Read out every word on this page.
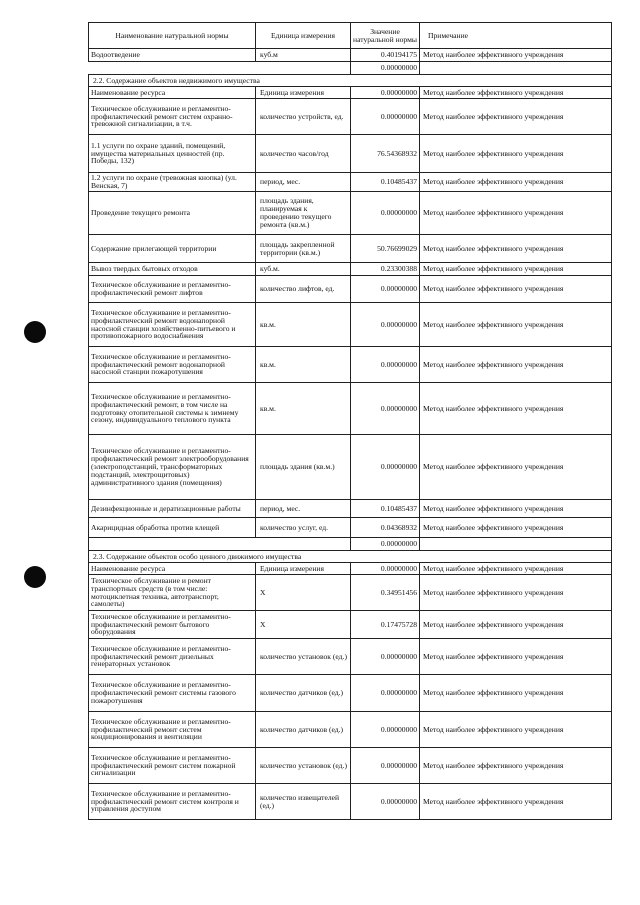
Наименование натуральной нормы	Единица измерения	Значение натуральной нормы	Примечание
Водоотведение	куб.м	0.40194175	Метод наиболее эффективного учреждения
		0.00000000	
2.2. Содержание объектов недвижимого имущества			
Наименование ресурса	Единица измерения	0.00000000	Метод наиболее эффективного учреждения
Техническое обслуживание и регламентно-профилактический ремонт систем охранно-тревожной сигнализации, в т.ч.	количество устройств, ед.	0.00000000	Метод наиболее эффективного учреждения
1.1 услуги по охране зданий, помещений, имущества материальных ценностей (пр. Победы, 132)	количество часов/год	76.54368932	Метод наиболее эффективного учреждения
1.2 услуги по охране (тревожная кнопка) (ул. Венская, 7)	период, мес.	0.10485437	Метод наиболее эффективного учреждения
Проведение текущего ремонта	площадь здания, планируемая к проведению текущего ремонта (кв.м.)	0.00000000	Метод наиболее эффективного учреждения
Содержание прилегающей территории	площадь закрепленной территории (кв.м.)	50.76699029	Метод наиболее эффективного учреждения
Вывоз твердых бытовых отходов	куб.м.	0.23300388	Метод наиболее эффективного учреждения
Техническое обслуживание и регламентно-профилактический ремонт лифтов	количество лифтов, ед.	0.00000000	Метод наиболее эффективного учреждения
Техническое обслуживание и регламентно-профилактический ремонт водонапорной насосной станции хозяйственно-питьевого и противопожарного водоснабжения	кв.м.	0.00000000	Метод наиболее эффективного учреждения
Техническое обслуживание и регламентно-профилактический ремонт водонапорной насосной станции пожаротушения	кв.м.	0.00000000	Метод наиболее эффективного учреждения
Техническое обслуживание и регламентно-профилактический ремонт, в том числе на подготовку отопительной системы к зимнему сезону, индивидуального теплового пункта	кв.м.	0.00000000	Метод наиболее эффективного учреждения
Техническое обслуживание и регламентно-профилактический ремонт электрооборудования (электроподстанций, трансформаторных подстанций, электрощитовых) административного здания (помещения)	площадь здания (кв.м.)	0.00000000	Метод наиболее эффективного учреждения
Дезинфекционные и дератизационные работы	период, мес.	0.10485437	Метод наиболее эффективного учреждения
Акарицидная обработка против клещей	количество услуг, ед.	0.04368932	Метод наиболее эффективного учреждения
		0.00000000	
2.3. Содержание объектов особо ценного движимого имущества			
Наименование ресурса	Единица измерения	0.00000000	Метод наиболее эффективного учреждения
Техническое обслуживание и ремонт транспортных средств (в том числе: мотоциклетная техника, автотранспорт, самолеты)	X	0.34951456	Метод наиболее эффективного учреждения
Техническое обслуживание и регламентно-профилактический ремонт бытового оборудования	X	0.17475728	Метод наиболее эффективного учреждения
Техническое обслуживание и регламентно-профилактический ремонт дизельных генераторных установок	количество установок (ед.)	0.00000000	Метод наиболее эффективного учреждения
Техническое обслуживание и регламентно-профилактический ремонт системы газового пожаротушения	количество датчиков (ед.)	0.00000000	Метод наиболее эффективного учреждения
Техническое обслуживание и регламентно-профилактический ремонт систем кондиционирования и вентиляции	количество датчиков (ед.)	0.00000000	Метод наиболее эффективного учреждения
Техническое обслуживание и регламентно-профилактический ремонт систем пожарной сигнализации	количество установок (ед.)	0.00000000	Метод наиболее эффективного учреждения
Техническое обслуживание и регламентно-профилактический ремонт систем контроля и управления доступом	количество извещателей (ед.)	0.00000000	Метод наиболее эффективного учреждения
